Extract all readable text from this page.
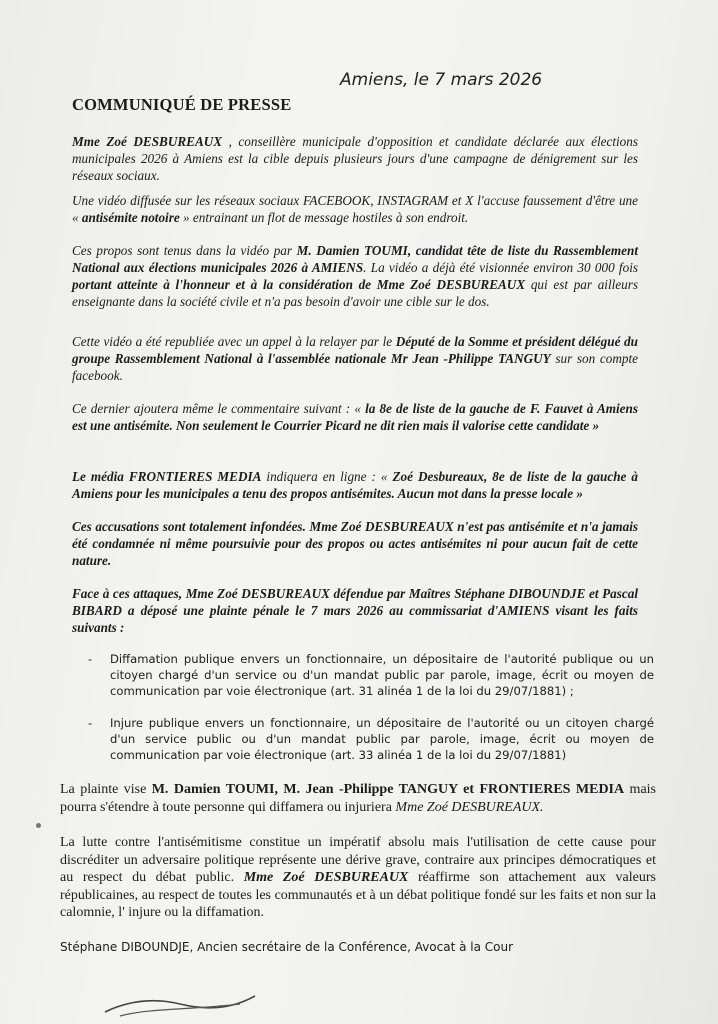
Amiens, le 7 mars 2026
COMMUNIQUÉ DE PRESSE
Mme Zoé DESBUREAUX , conseillère municipale d'opposition et candidate déclarée aux élections municipales 2026 à Amiens est la cible depuis plusieurs jours d'une campagne de dénigrement sur les réseaux sociaux.
Une vidéo diffusée sur les réseaux sociaux FACEBOOK, INSTAGRAM et X l'accuse faussement d'être une « antisémite notoire » entrainant un flot de message hostiles à son endroit.
Ces propos sont tenus dans la vidéo par M. Damien TOUMI, candidat tête de liste du Rassemblement National aux élections municipales 2026 à AMIENS. La vidéo a déjà été visionnée environ 30 000 fois portant atteinte à l'honneur et à la considération de Mme Zoé DESBUREAUX qui est par ailleurs enseignante dans la société civile et n'a pas besoin d'avoir une cible sur le dos.
Cette vidéo a été republiée avec un appel à la relayer par le Député de la Somme et président délégué du groupe Rassemblement National à l'assemblée nationale Mr Jean -Philippe TANGUY sur son compte facebook.
Ce dernier ajoutera même le commentaire suivant : « la 8e de liste de la gauche de F. Fauvet à Amiens est une antisémite. Non seulement le Courrier Picard ne dit rien mais il valorise cette candidate »
Le média FRONTIERES MEDIA indiquera en ligne : « Zoé Desbureaux, 8e de liste de la gauche à Amiens pour les municipales a tenu des propos antisémites. Aucun mot dans la presse locale »
Ces accusations sont totalement infondées. Mme Zoé DESBUREAUX n'est pas antisémite et n'a jamais été condamnée ni même poursuivie pour des propos ou actes antisémites ni pour aucun fait de cette nature.
Face à ces attaques, Mme Zoé DESBUREAUX défendue par Maîtres Stéphane DIBOUNDJE et Pascal BIBARD a déposé une plainte pénale le 7 mars 2026 au commissariat d'AMIENS visant les faits suivants :
- Diffamation publique envers un fonctionnaire, un dépositaire de l'autorité publique ou un citoyen chargé d'un service ou d'un mandat public par parole, image, écrit ou moyen de communication par voie électronique (art. 31 alinéa 1 de la loi du 29/07/1881) ;
- Injure publique envers un fonctionnaire, un dépositaire de l'autorité ou un citoyen chargé d'un service public ou d'un mandat public par parole, image, écrit ou moyen de communication par voie électronique (art. 33 alinéa 1 de la loi du 29/07/1881)
La plainte vise M. Damien TOUMI, M. Jean -Philippe TANGUY et FRONTIERES MEDIA mais pourra s'étendre à toute personne qui diffamera ou injuriera Mme Zoé DESBUREAUX.
La lutte contre l'antisémitisme constitue un impératif absolu mais l'utilisation de cette cause pour discréditer un adversaire politique représente une dérive grave, contraire aux principes démocratiques et au respect du débat public. Mme Zoé DESBUREAUX réaffirme son attachement aux valeurs républicaines, au respect de toutes les communautés et à un débat politique fondé sur les faits et non sur la calomnie, l' injure ou la diffamation.
Stéphane DIBOUNDJE, Ancien secrétaire de la Conférence, Avocat à la Cour
